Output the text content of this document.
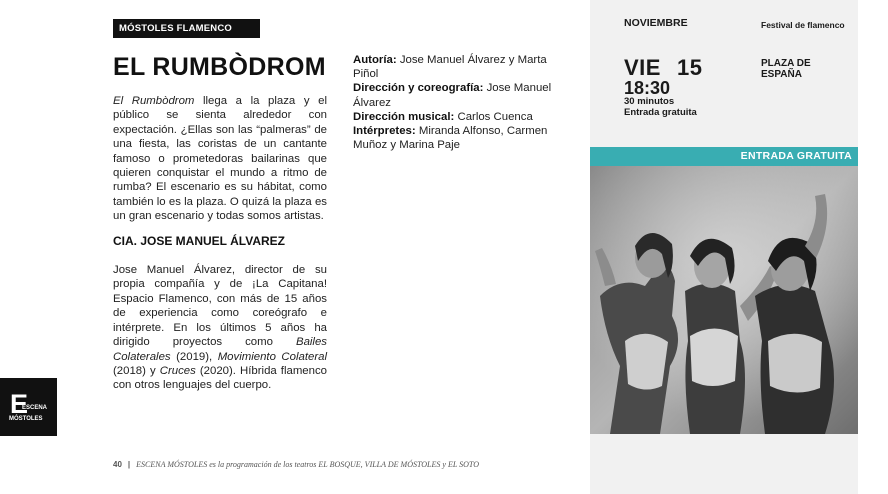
MÓSTOLES FLAMENCO
EL RUMBÒDROM

El Rumbòdrom llega a la plaza y el público se sienta alrededor con expectación. ¿Ellas son las “palmeras” de una fiesta, las coristas de un cantante famoso o prometedoras bailarinas que quieren conquistar el mundo a ritmo de rumba? El escenario es su hábitat, como también lo es la plaza. O quizá la plaza es un gran escenario y todas somos artistas.

CIA. JOSE MANUEL ÁLVAREZ

Jose Manuel Álvarez, director de su propia compañía y de ¡La Capitana! Espacio Flamenco, con más de 15 años de experiencia como coreógrafo e intérprete. En los últimos 5 años ha dirigido proyectos como Bailes Colaterales (2019), Movimiento Colateral (2018) y Cruces (2020). Híbrida flamenco con otros lenguajes del cuerpo.

Autoría: Jose Manuel Álvarez y Marta Piñol
Dirección y coreografía: Jose Manuel Álvarez
Dirección musical: Carlos Cuenca
Intérpretes: Miranda Alfonso, Carmen Muñoz y Marina Paje
NOVIEMBRE	Festival de flamenco
VIE 15
18:30
30 minutos
Entrada gratuita
PLAZA DE
ESPAÑA
ENTRADA GRATUITA
E
ESCENA
MÓSTOLES
40 | ESCENA MÓSTOLES es la programación de los teatros EL BOSQUE, VILLA DE MÓSTOLES y EL SOTO
